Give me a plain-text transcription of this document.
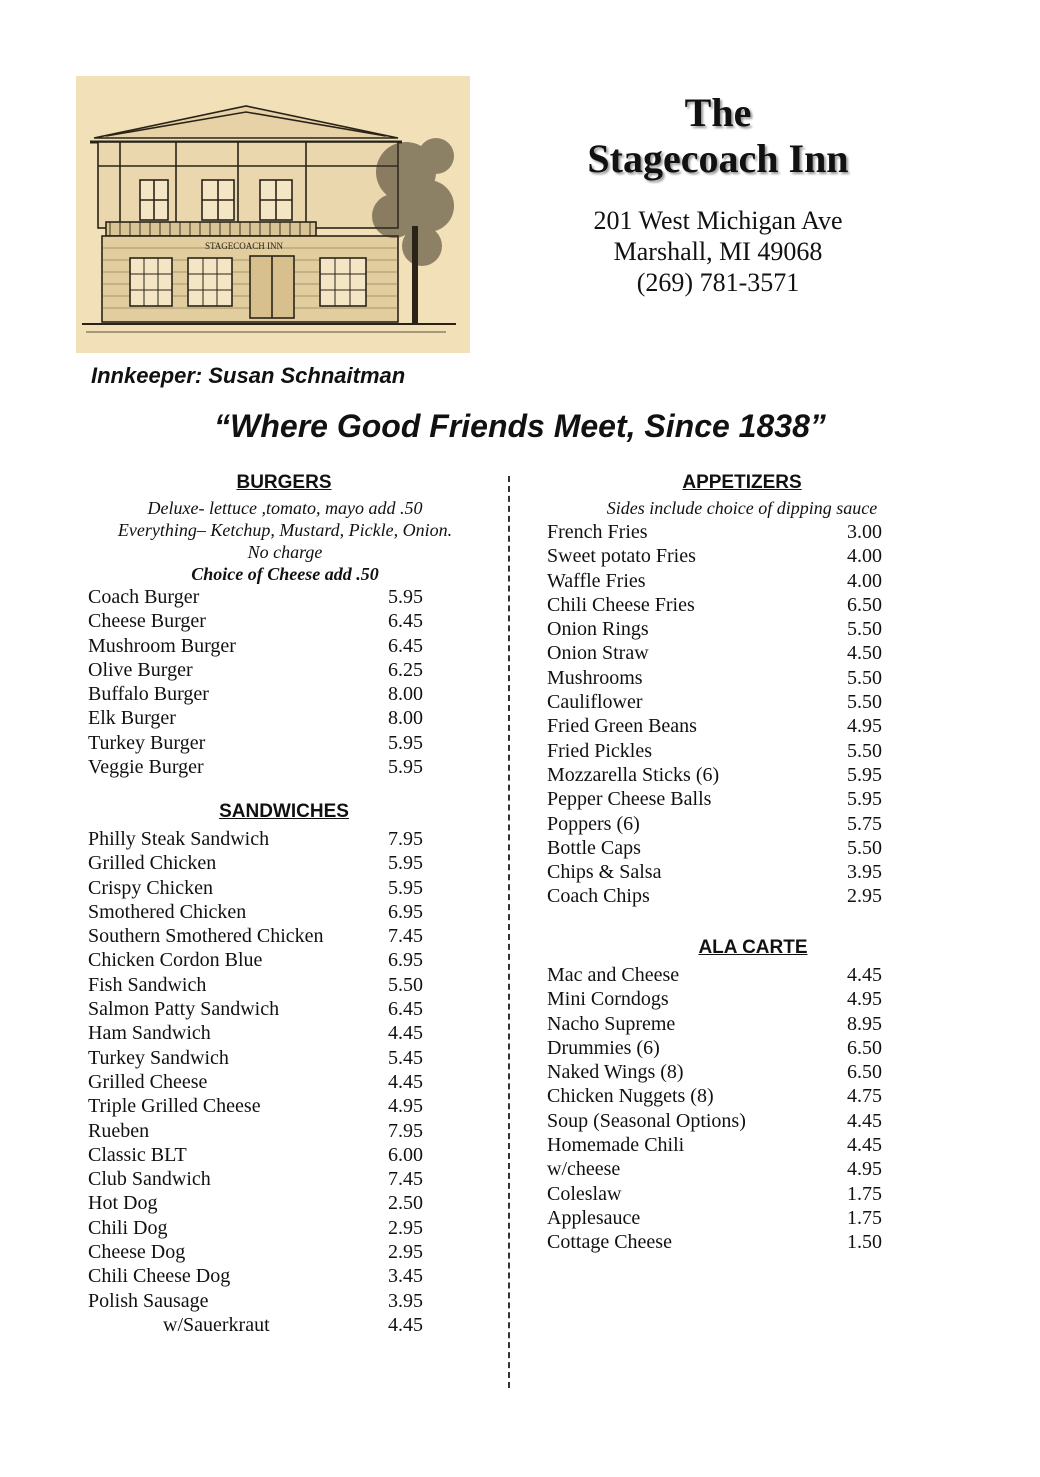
STAGECOACH INN
The
Stagecoach Inn
201 West Michigan Ave
Marshall, MI 49068
(269) 781-3571
Innkeeper: Susan Schnaitman
“Where Good Friends Meet, Since 1838”
BURGERS
Deluxe- lettuce ,tomato, mayo add .50
Everything– Ketchup, Mustard, Pickle, Onion.
No charge
Choice of Cheese add .50
Coach Burger	5.95
Cheese Burger	6.45
Mushroom Burger	6.45
Olive Burger	6.25
Buffalo Burger	8.00
Elk Burger	8.00
Turkey Burger	5.95
Veggie Burger	5.95
SANDWICHES
Philly Steak Sandwich	7.95
Grilled Chicken	5.95
Crispy Chicken	5.95
Smothered Chicken	6.95
Southern Smothered Chicken	7.45
Chicken Cordon Blue	6.95
Fish Sandwich	5.50
Salmon Patty Sandwich	6.45
Ham Sandwich	4.45
Turkey Sandwich	5.45
Grilled Cheese	4.45
Triple Grilled Cheese	4.95
Rueben	7.95
Classic BLT	6.00
Club Sandwich	7.45
Hot Dog	2.50
Chili Dog	2.95
Cheese Dog	2.95
Chili Cheese Dog	3.45
Polish Sausage	3.95
w/Sauerkraut	4.45
APPETIZERS
Sides include choice of dipping sauce
French Fries	3.00
Sweet potato Fries	4.00
Waffle Fries	4.00
Chili Cheese Fries	6.50
Onion Rings	5.50
Onion Straw	4.50
Mushrooms	5.50
Cauliflower	5.50
Fried Green Beans	4.95
Fried Pickles	5.50
Mozzarella Sticks (6)	5.95
Pepper Cheese Balls	5.95
Poppers (6)	5.75
Bottle Caps	5.50
Chips & Salsa	3.95
Coach Chips	2.95
ALA CARTE
Mac and Cheese	4.45
Mini Corndogs	4.95
Nacho Supreme	8.95
Drummies (6)	6.50
Naked Wings (8)	6.50
Chicken Nuggets (8)	4.75
Soup (Seasonal Options)	4.45
Homemade Chili	4.45
w/cheese	4.95
Coleslaw	1.75
Applesauce	1.75
Cottage Cheese	1.50
